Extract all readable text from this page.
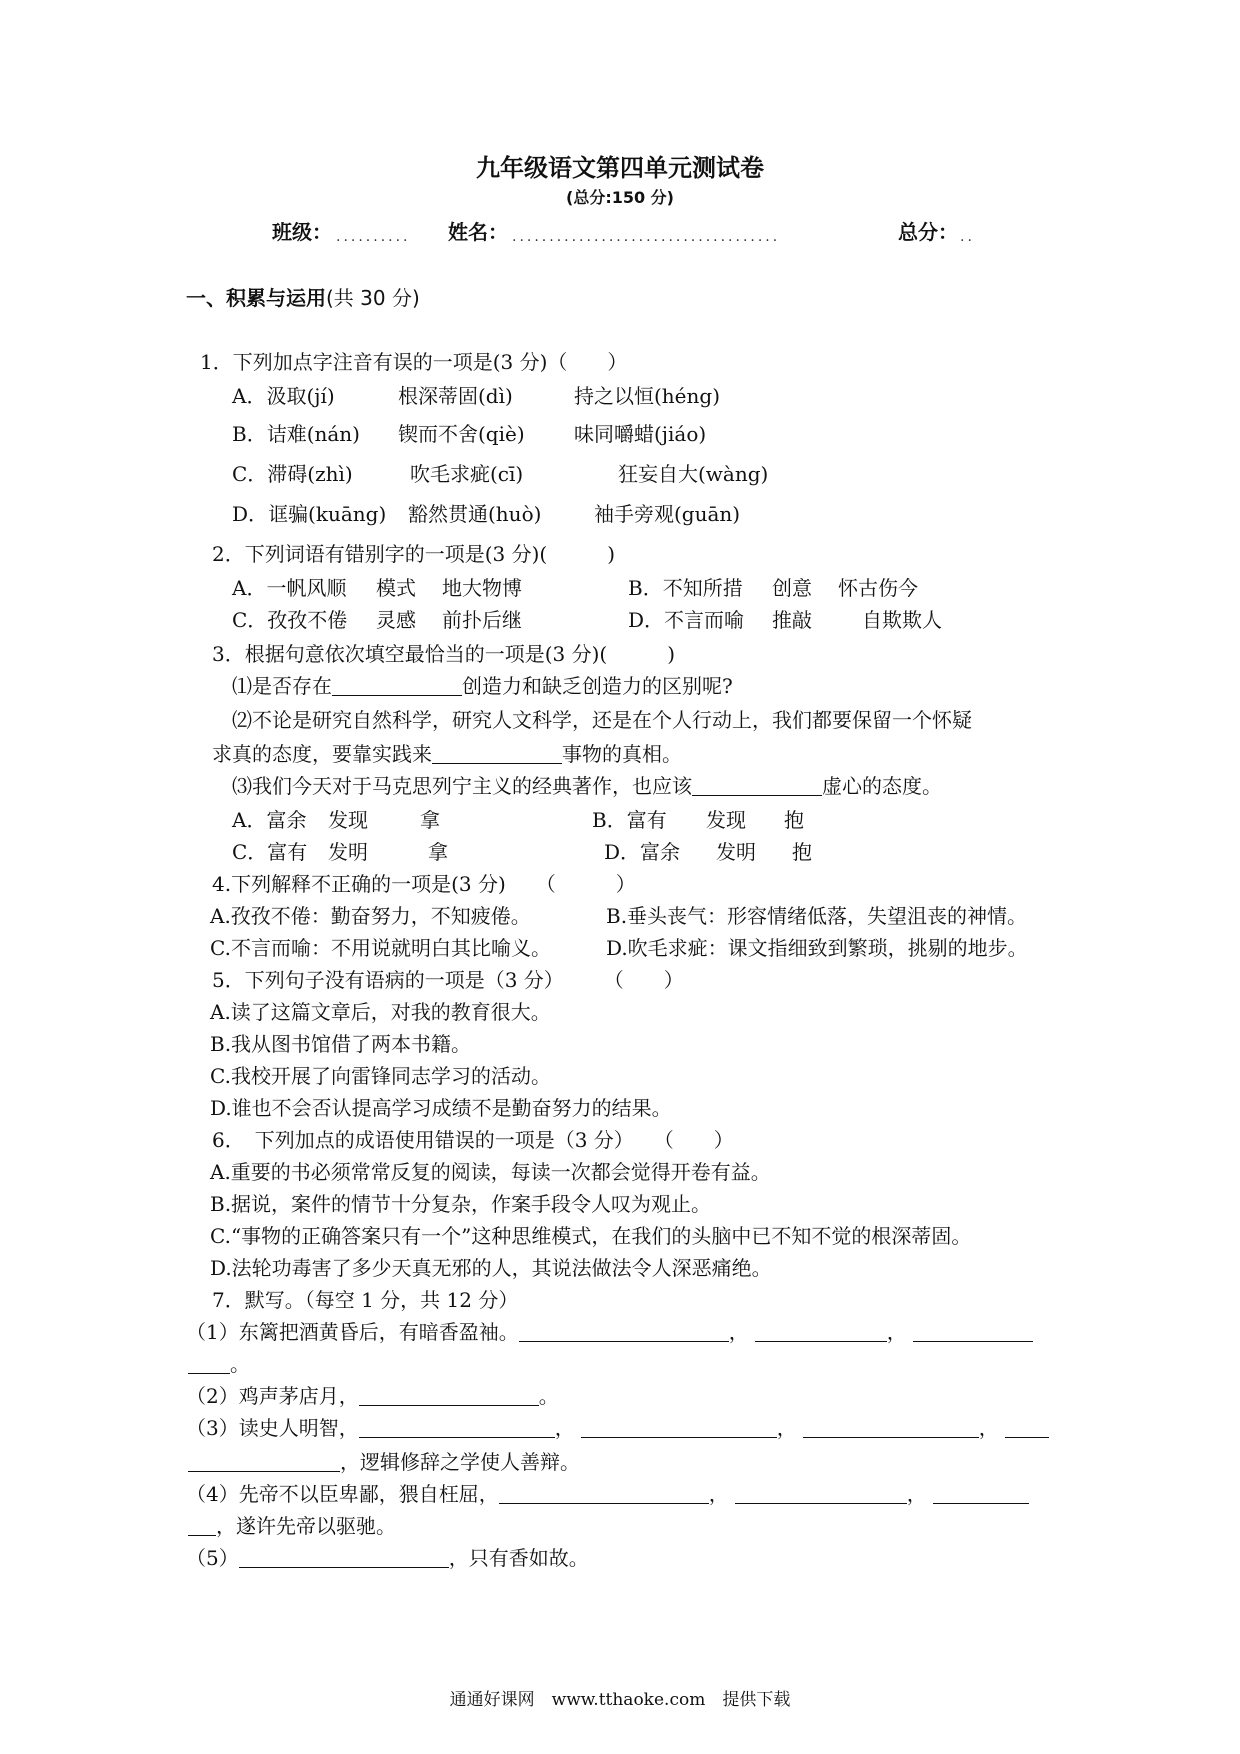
九年级语文第四单元测试卷
(总分:150 分)
班级： .......... 姓名： ....................................	总分： ..
一、积累与运用(共 30 分)
1．下列加点字注音有误的一项是(3 分)（　　）
A．汲取(jí)	根深蒂固(dì)	持之以恒(héng)
B．诘难(nán) 锲而不舍(qiè) 味同嚼蜡(jiáo)
C．滞碍(zhì)	吹毛求疵(cī)	狂妄自大(wàng)
D．诓骗(kuāng) 豁然贯通(huò)	袖手旁观(guān)
2．下列词语有错别字的一项是(3 分)(　　　)
A．一帆风顺 模式 地大物博	B．不知所措 创意 怀古伤今
C．孜孜不倦 灵感 前扑后继	D．不言而喻 推敲	自欺欺人
3．根据句意依次填空最恰当的一项是(3 分)(　　　)
⑴是否存在	创造力和缺乏创造力的区别呢?
⑵不论是研究自然科学，研究人文科学，还是在个人行动上，我们都要保留一个怀疑
求真的态度，要靠实践来	事物的真相。
⑶我们今天对于马克思列宁主义的经典著作，也应该	虚心的态度。
A．富余 发现	拿	B．富有 发现 抱
C．富有 发明	拿	D．富余 发明 抱
4.下列解释不正确的一项是(3 分)　　（　　　）
A.孜孜不倦：勤奋努力，不知疲倦。	B.垂头丧气：形容情绪低落，失望沮丧的神情。
C.不言而喻：不用说就明白其比喻义。	D.吹毛求疵：课文指细致到繁琐，挑剔的地步。
5．下列句子没有语病的一项是（3 分）　　　（　　）
A.读了这篇文章后，对我的教育很大。
B.我从图书馆借了两本书籍。
C.我校开展了向雷锋同志学习的活动。
D.谁也不会否认提高学习成绩不是勤奋努力的结果。
6．　下列加点的成语使用错误的一项是（3 分）　　（　　）
A.重要的书必须常常反复的阅读，每读一次都会觉得开卷有益。
B.据说，案件的情节十分复杂，作案手段令人叹为观止。
C.“事物的正确答案只有一个”这种思维模式，在我们的头脑中已不知不觉的根深蒂固。
D.法轮功毒害了多少天真无邪的人，其说法做法令人深恶痛绝。
7．默写。（每空 1 分，共 12 分）
（1）东篱把酒黄昏后，有暗香盈袖。	，	，
。
（2）鸡声茅店月，	。
（3）读史人明智，	，	，	，
，逻辑修辞之学使人善辩。
（4）先帝不以臣卑鄙，猥自枉屈，	，	，
，遂许先帝以驱驰。
（5）	，只有香如故。
通通好课网　www.tthaoke.com　提供下载
